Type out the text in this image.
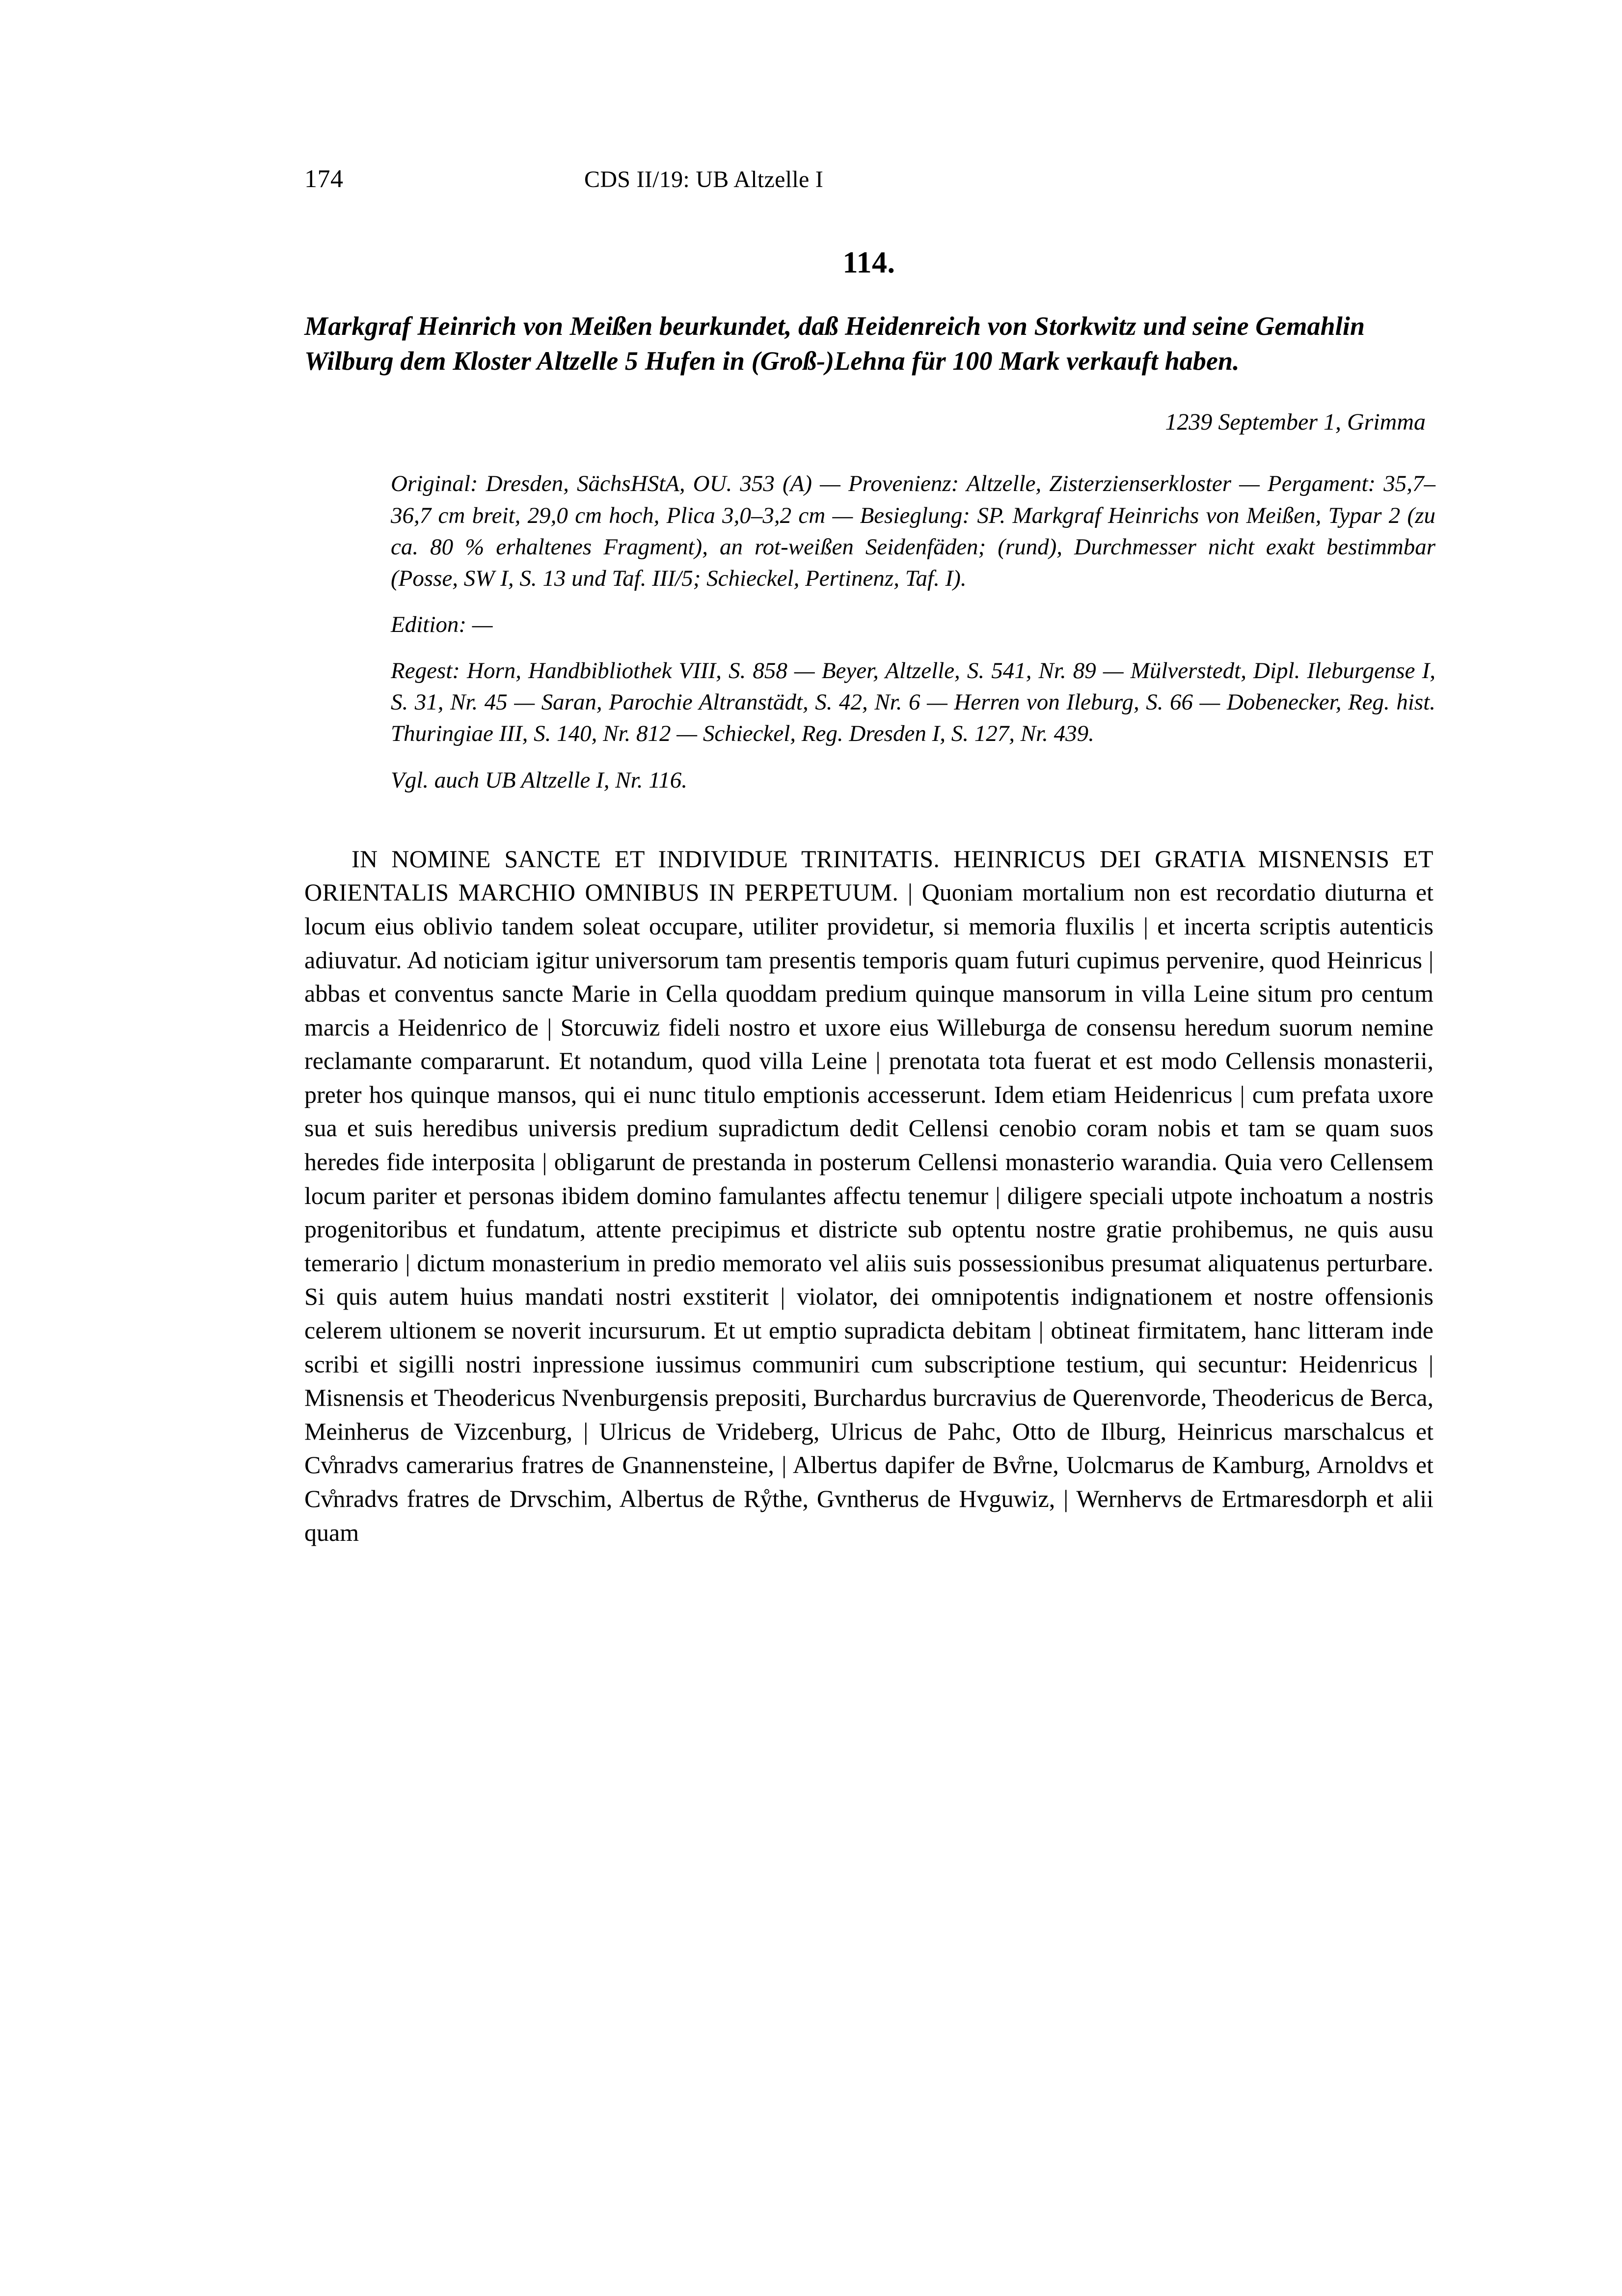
174	CDS II/19: UB Altzelle I
114.
Markgraf Heinrich von Meißen beurkundet, daß Heidenreich von Storkwitz und seine Gemahlin Wilburg dem Kloster Altzelle 5 Hufen in (Groß-)Lehna für 100 Mark verkauft haben.
1239 September 1, Grimma

Original: Dresden, SächsHStA, OU. 353 (A) — Provenienz: Altzelle, Zisterzienserkloster — Pergament: 35,7–36,7 cm breit, 29,0 cm hoch, Plica 3,0–3,2 cm — Besieglung: SP. Markgraf Heinrichs von Meißen, Typar 2 (zu ca. 80 % erhaltenes Fragment), an rot-weißen Seidenfäden; (rund), Durchmesser nicht exakt bestimmbar (Posse, SW I, S. 13 und Taf. III/5; Schieckel, Pertinenz, Taf. I).

Edition: —

Regest: Horn, Handbibliothek VIII, S. 858 — Beyer, Altzelle, S. 541, Nr. 89 — Mülverstedt, Dipl. Ileburgense I, S. 31, Nr. 45 — Saran, Parochie Altranstädt, S. 42, Nr. 6 — Herren von Ileburg, S. 66 — Dobenecker, Reg. hist. Thuringiae III, S. 140, Nr. 812 — Schieckel, Reg. Dresden I, S. 127, Nr. 439.

Vgl. auch UB Altzelle I, Nr. 116.

IN NOMINE SANCTE ET INDIVIDUE TRINITATIS. HEINRICUS DEI GRATIA MISNENSIS ET ORIENTALIS MARCHIO OMNIBUS IN PERPETUUM. | Quoniam mortalium non est recordatio diuturna et locum eius oblivio tandem soleat occupare, utiliter providetur, si memoria fluxilis | et incerta scriptis autenticis adiuvatur. Ad noticiam igitur universorum tam presentis temporis quam futuri cupimus pervenire, quod Heinricus | abbas et conventus sancte Marie in Cella quoddam predium quinque mansorum in villa Leine situm pro centum marcis a Heidenrico de | Storcuwiz fideli nostro et uxore eius Willeburga de consensu heredum suorum nemine reclamante compararunt. Et notandum, quod villa Leine | prenotata tota fuerat et est modo Cellensis monasterii, preter hos quinque mansos, qui ei nunc titulo emptionis accesserunt. Idem etiam Heidenricus | cum prefata uxore sua et suis heredibus universis predium supradictum dedit Cellensi cenobio coram nobis et tam se quam suos heredes fide interposita | obligarunt de prestanda in posterum Cellensi monasterio warandia. Quia vero Cellensem locum pariter et personas ibidem domino famulantes affectu tenemur | diligere speciali utpote inchoatum a nostris progenitoribus et fundatum, attente precipimus et districte sub optentu nostre gratie prohibemus, ne quis ausu temerario | dictum monasterium in predio memorato vel aliis suis possessionibus presumat aliquatenus perturbare. Si quis autem huius mandati nostri exstiterit | violator, dei omnipotentis indignationem et nostre offensionis celerem ultionem se noverit incursurum. Et ut emptio supradicta debitam | obtineat firmitatem, hanc litteram inde scribi et sigilli nostri inpressione iussimus communiri cum subscriptione testium, qui secuntur: Heidenricus | Misnensis et Theodericus Nvenburgensis prepositi, Burchardus burcravius de Querenvorde, Theodericus de Berca, Meinherus de Vizcenburg, | Ulricus de Vrideberg, Ulricus de Pahc, Otto de Ilburg, Heinricus marschalcus et Cv̊nradvs camerarius fratres de Gnannensteine, | Albertus dapifer de Bv̊rne, Uolcmarus de Kamburg, Arnoldvs et Cv̊nradvs fratres de Drvschim, Albertus de Rẙthe, Gvntherus de Hvguwiz, | Wernhervs de Ertmaresdorph et alii quam
